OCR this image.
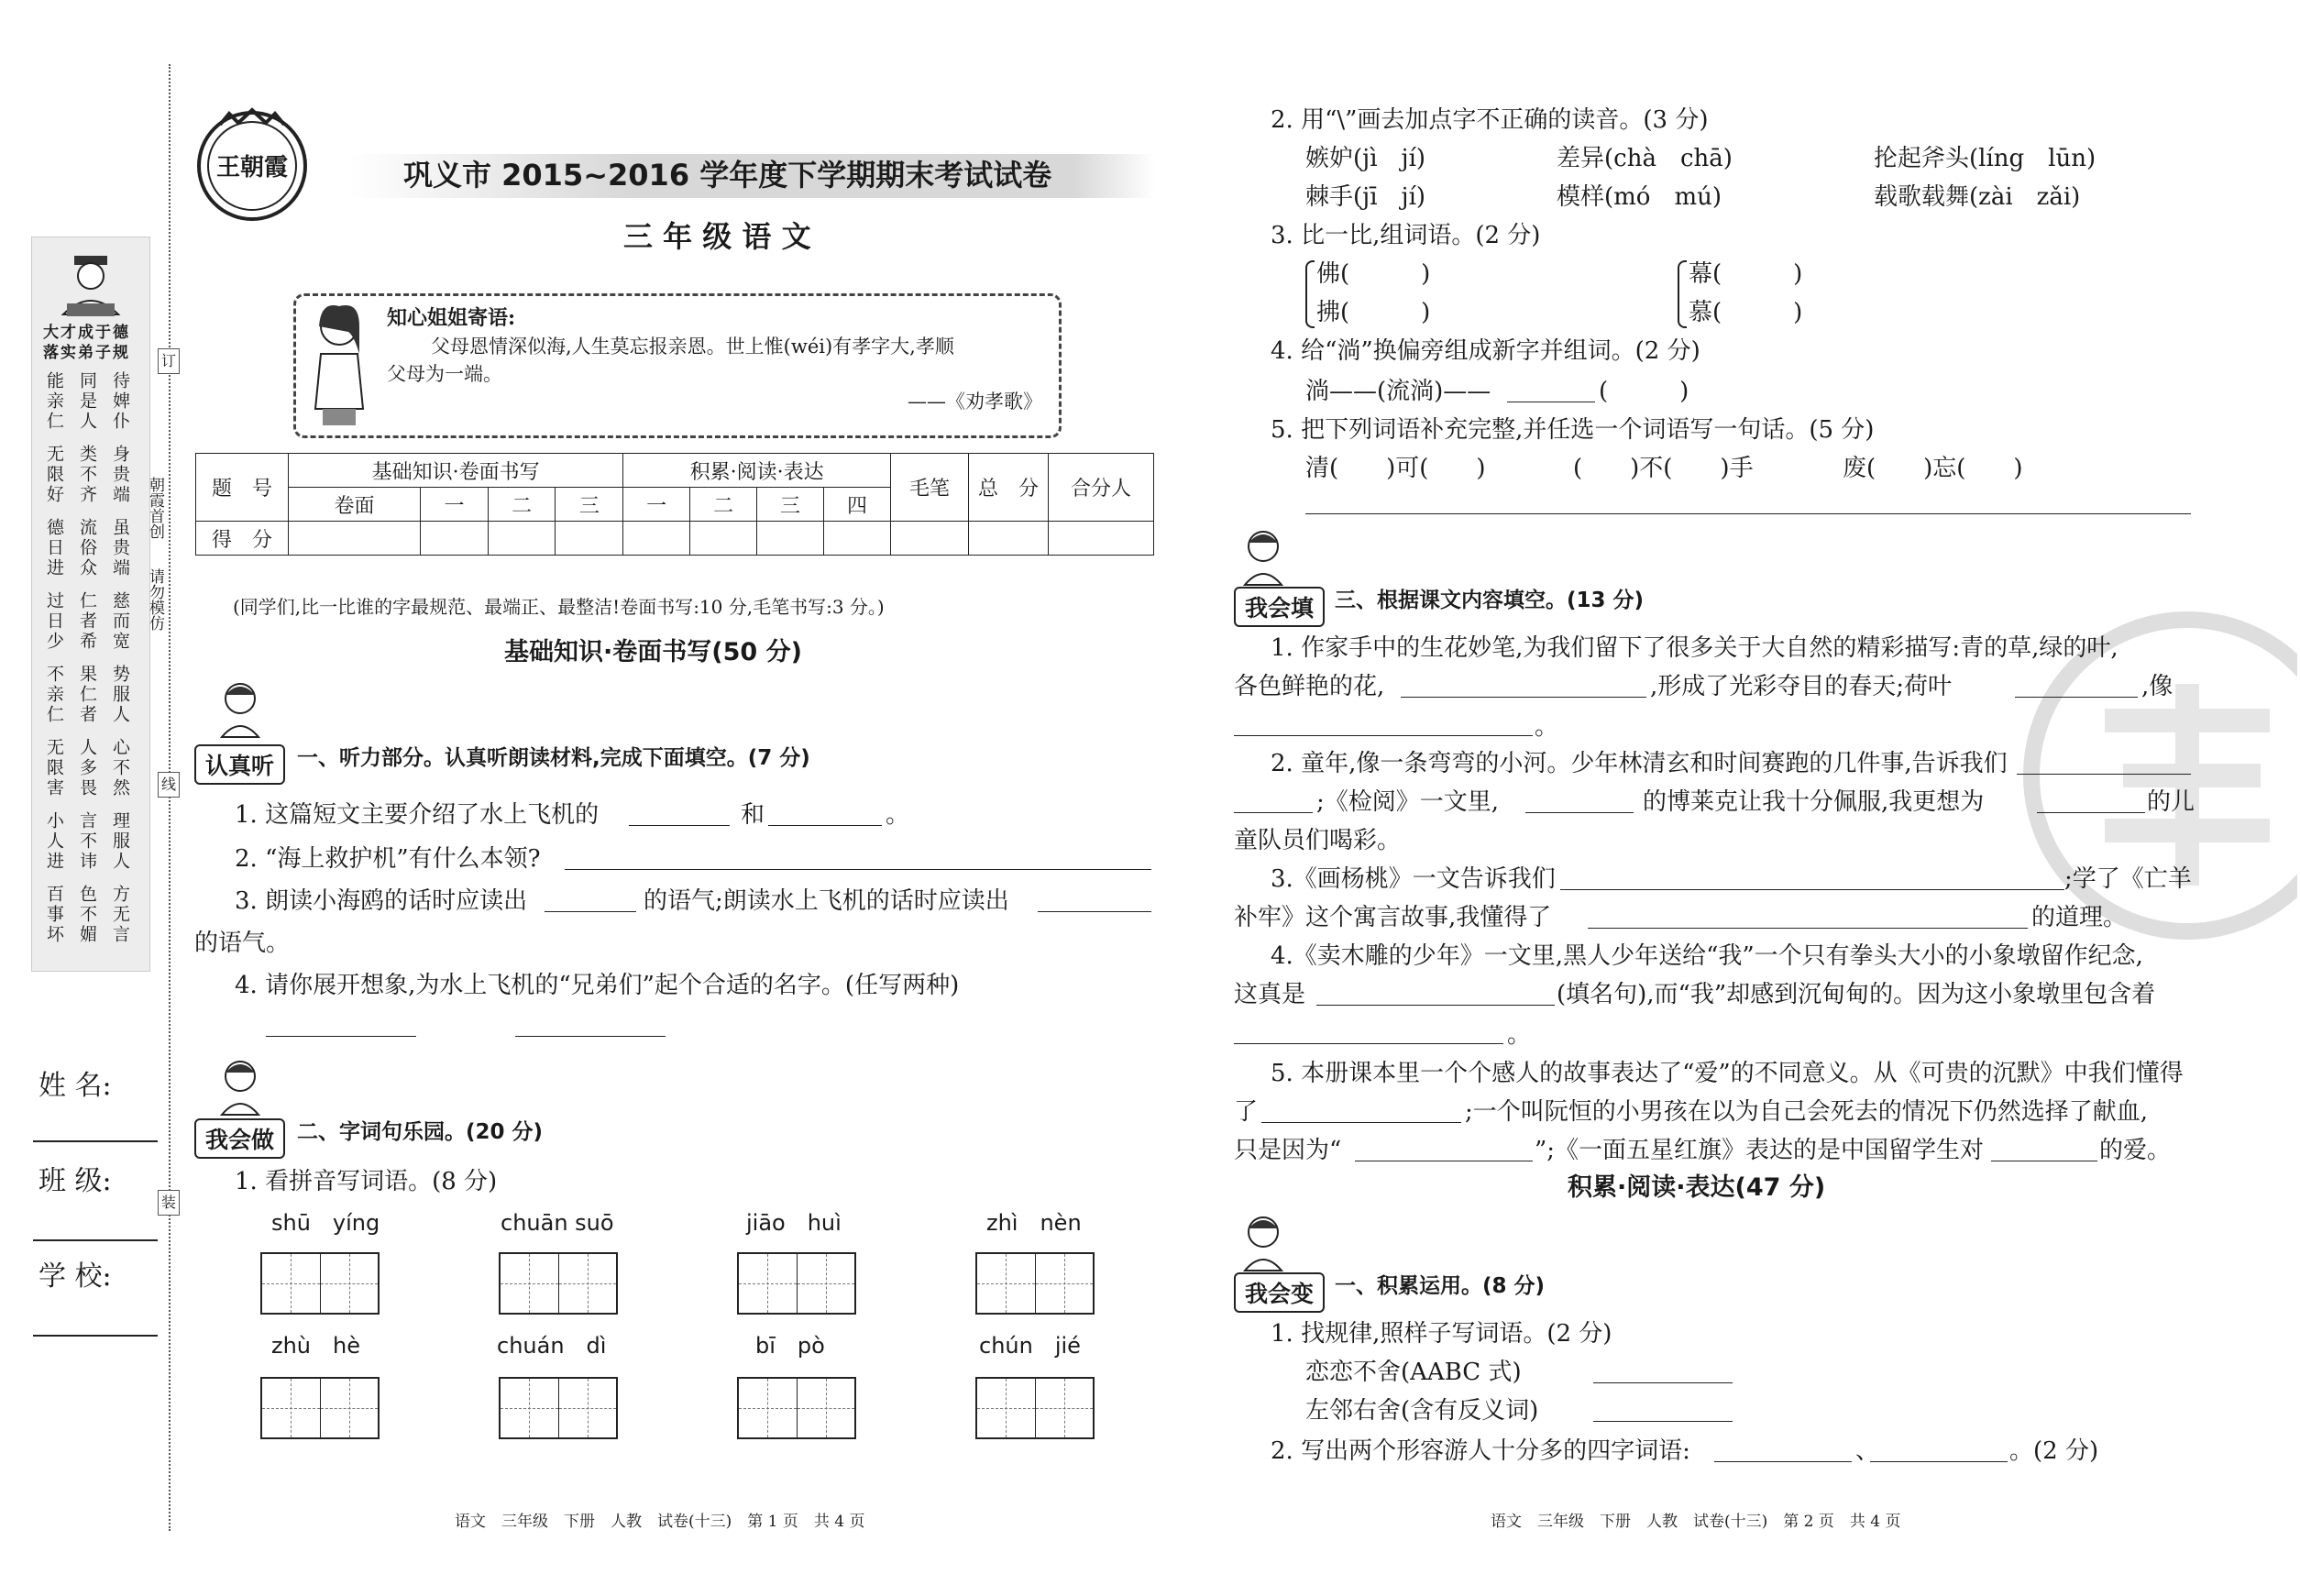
大才成于德
落实弟子规
能亲仁 同是人 待婢仆
无限好 类不齐 身贵端
德日进 流俗众 虽贵端
过日少 仁者希 慈而宽
不亲仁 果仁者 势服人
无限害 人多畏 心不然
小人进 言不讳 理服人
百事坏 色不媚 方无言
订
线
装
朝霞首创
请勿模仿
姓 名:
班 级:
学 校:
王朝霞	巩义市 2015~2016 学年度下学期期末考试试卷
三 年 级 语 文
知心姐姐寄语:
父母恩情深似海,人生莫忘报亲恩。世上惟(wéi)有孝字大,孝顺
父母为一端。
——《劝孝歌》
题　号	基础知识·卷面书写				积累·阅读·表达				毛笔	总　分	合分人
	卷面	一	二	三	一	二	三	四			
得　分											
(同学们,比一比谁的字最规范、最端正、最整洁!卷面书写:10 分,毛笔书写:3 分。)
基础知识·卷面书写(50 分)
认真听	一、听力部分。认真听朗读材料,完成下面填空。(7 分)
1. 这篇短文主要介绍了水上飞机的	和	。
2. “海上救护机”有什么本领?
3. 朗读小海鸥的话时应读出	的语气;朗读水上飞机的话时应读出
的语气。
4. 请你展开想象,为水上飞机的“兄弟们”起个合适的名字。(任写两种)
我会做	二、字词句乐园。(20 分)
1. 看拼音写词语。(8 分)
shū　yíng	chuān suō	jiāo　huì	zhì　nèn
zhù　hè	chuán　dì	bī　pò	chún　jié
语文　三年级　下册　人教　试卷(十三)　第 1 页　共 4 页
2. 用“\”画去加点字不正确的读音。(3 分)
嫉妒(jì　jí)	差异(chà　chā)	抡起斧头(líng　lūn)
棘手(jī　jí)	模样(mó　mú)	载歌载舞(zài　zǎi)
3. 比一比,组词语。(2 分)
佛(　　　)
拂(　　　)
幕(　　　)
慕(　　　)
4. 给“淌”换偏旁组成新字并组词。(2 分)
淌——(流淌)——	(　　　)
5. 把下列词语补充完整,并任选一个词语写一句话。(5 分)
清(　　)可(　　)	(　　)不(　　)手	废(　　)忘(　　)
我会填 三、根据课文内容填空。(13 分)
1. 作家手中的生花妙笔,为我们留下了很多关于大自然的精彩描写:青的草,绿的叶,
各色鲜艳的花,	,形成了光彩夺目的春天;荷叶	,像
。
2. 童年,像一条弯弯的小河。少年林清玄和时间赛跑的几件事,告诉我们
;《检阅》一文里,	的博莱克让我十分佩服,我更想为	的儿
童队员们喝彩。
3.《画杨桃》一文告诉我们	;学了《亡羊
补牢》这个寓言故事,我懂得了	的道理。
4.《卖木雕的少年》一文里,黑人少年送给“我”一个只有拳头大小的小象墩留作纪念,
这真是	(填名句),而“我”却感到沉甸甸的。因为这小象墩里包含着
。
5. 本册课本里一个个感人的故事表达了“爱”的不同意义。从《可贵的沉默》中我们懂得
了	;一个叫阮恒的小男孩在以为自己会死去的情况下仍然选择了献血,
只是因为“	”;《一面五星红旗》表达的是中国留学生对	的爱。
积累·阅读·表达(47 分)
我会变 一、积累运用。(8 分)
1. 找规律,照样子写词语。(2 分)
恋恋不舍(AABC 式)
左邻右舍(含有反义词)
2. 写出两个形容游人十分多的四字词语:	、	。(2 分)
语文　三年级　下册　人教　试卷(十三)　第 2 页　共 4 页
